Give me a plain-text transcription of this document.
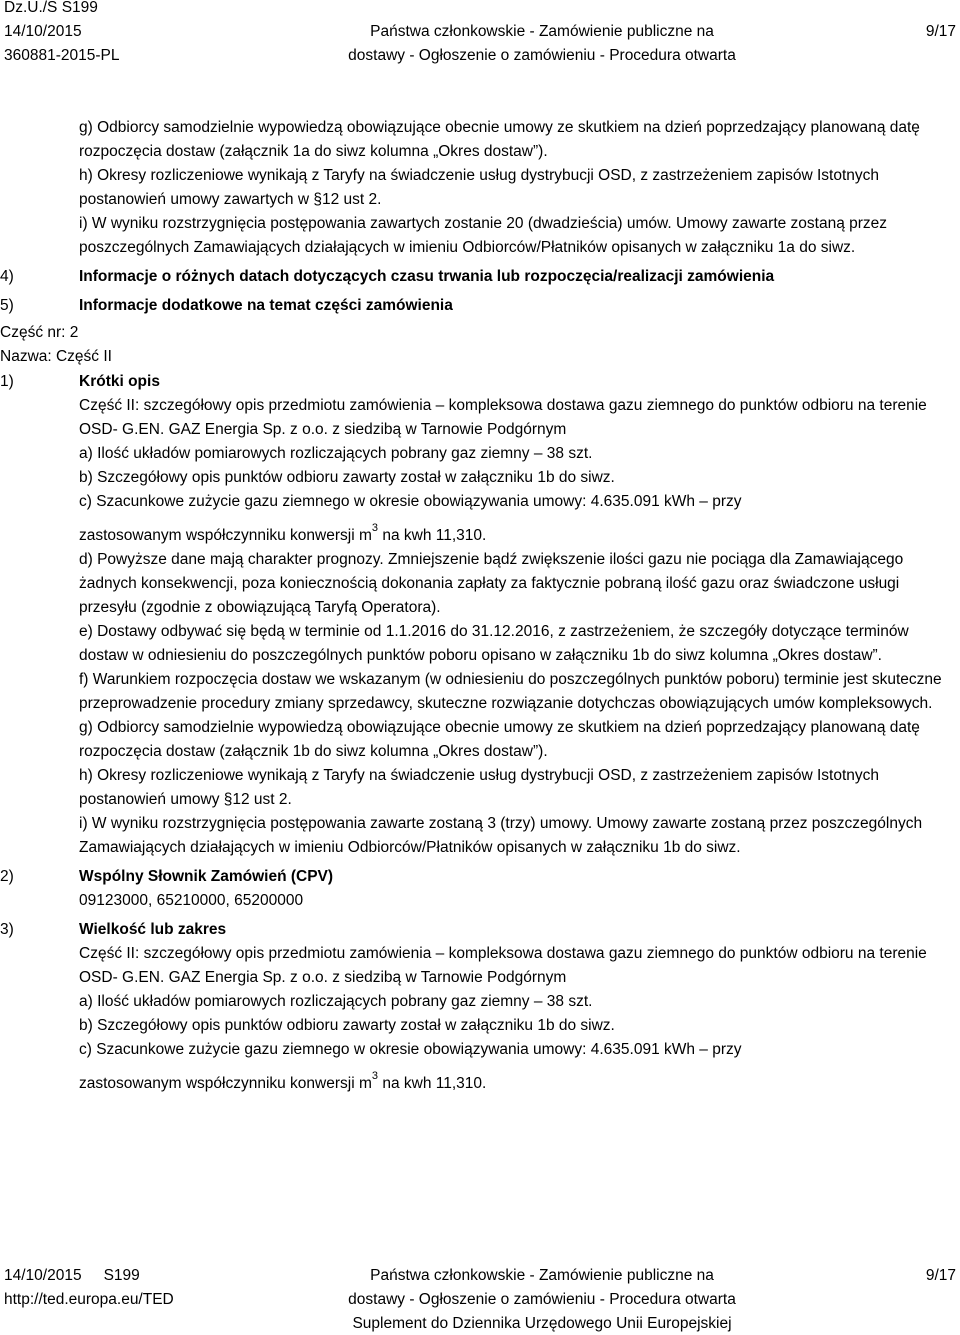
Dz.U./S S199
14/10/2015
360881-2015-PL
Państwa członkowskie - Zamówienie publiczne na
dostawy - Ogłoszenie o zamówieniu - Procedura otwarta
9/17

g) Odbiorcy samodzielnie wypowiedzą obowiązujące obecnie umowy ze skutkiem na dzień poprzedzający planowaną datę rozpoczęcia dostaw (załącznik 1a do siwz kolumna „Okres dostaw”).

h) Okresy rozliczeniowe wynikają z Taryfy na świadczenie usług dystrybucji OSD, z zastrzeżeniem zapisów Istotnych postanowień umowy zawartych w §12 ust 2.

i) W wyniku rozstrzygnięcia postępowania zawartych zostanie 20 (dwadzieścia) umów. Umowy zawarte zostaną przez poszczególnych Zamawiających działających w imieniu Odbiorców/Płatników opisanych w załączniku 1a do siwz.

4)	Informacje o różnych datach dotyczących czasu trwania lub rozpoczęcia/realizacji zamówienia
5)	Informacje dodatkowe na temat części zamówienia
Część nr: 2
Nazwa: Część II
1)	Krótki opis

Część II: szczegółowy opis przedmiotu zamówienia – kompleksowa dostawa gazu ziemnego do punktów odbioru na terenie OSD- G.EN. GAZ Energia Sp. z o.o. z siedzibą w Tarnowie Podgórnym

a) Ilość układów pomiarowych rozliczających pobrany gaz ziemny – 38 szt.

b) Szczegółowy opis punktów odbioru zawarty został w załączniku 1b do siwz.

c) Szacunkowe zużycie gazu ziemnego w okresie obowiązywania umowy: 4.635.091 kWh – przy

zastosowanym współczynniku konwersji $m^3$ na kwh 11,310.

d) Powyższe dane mają charakter prognozy. Zmniejszenie bądź zwiększenie ilości gazu nie pociąga dla Zamawiającego żadnych konsekwencji, poza koniecznością dokonania zapłaty za faktycznie pobraną ilość gazu oraz świadczone usługi przesyłu (zgodnie z obowiązującą Taryfą Operatora).

e) Dostawy odbywać się będą w terminie od 1.1.2016 do 31.12.2016, z zastrzeżeniem, że szczegóły dotyczące terminów dostaw w odniesieniu do poszczególnych punktów poboru opisano w załączniku 1b do siwz kolumna „Okres dostaw”.

f) Warunkiem rozpoczęcia dostaw we wskazanym (w odniesieniu do poszczególnych punktów poboru) terminie jest skuteczne przeprowadzenie procedury zmiany sprzedawcy, skuteczne rozwiązanie dotychczas obowiązujących umów kompleksowych.

g) Odbiorcy samodzielnie wypowiedzą obowiązujące obecnie umowy ze skutkiem na dzień poprzedzający planowaną datę rozpoczęcia dostaw (załącznik 1b do siwz kolumna „Okres dostaw”).

h) Okresy rozliczeniowe wynikają z Taryfy na świadczenie usług dystrybucji OSD, z zastrzeżeniem zapisów Istotnych postanowień umowy §12 ust 2.

i) W wyniku rozstrzygnięcia postępowania zawarte zostaną 3 (trzy) umowy. Umowy zawarte zostaną przez poszczególnych Zamawiających działających w imieniu Odbiorców/Płatników opisanych w załączniku 1b do siwz.

2)	Wspólny Słownik Zamówień (CPV)
09123000, 65210000, 65200000
3)	Wielkość lub zakres

Część II: szczegółowy opis przedmiotu zamówienia – kompleksowa dostawa gazu ziemnego do punktów odbioru na terenie OSD- G.EN. GAZ Energia Sp. z o.o. z siedzibą w Tarnowie Podgórnym

a) Ilość układów pomiarowych rozliczających pobrany gaz ziemny – 38 szt.

b) Szczegółowy opis punktów odbioru zawarty został w załączniku 1b do siwz.

c) Szacunkowe zużycie gazu ziemnego w okresie obowiązywania umowy: 4.635.091 kWh – przy

zastosowanym współczynniku konwersji $m^3$ na kwh 11,310.

14/10/2015 S199
http://ted.europa.eu/TED
Państwa członkowskie - Zamówienie publiczne na
dostawy - Ogłoszenie o zamówieniu - Procedura otwarta
Suplement do Dziennika Urzędowego Unii Europejskiej
9/17
